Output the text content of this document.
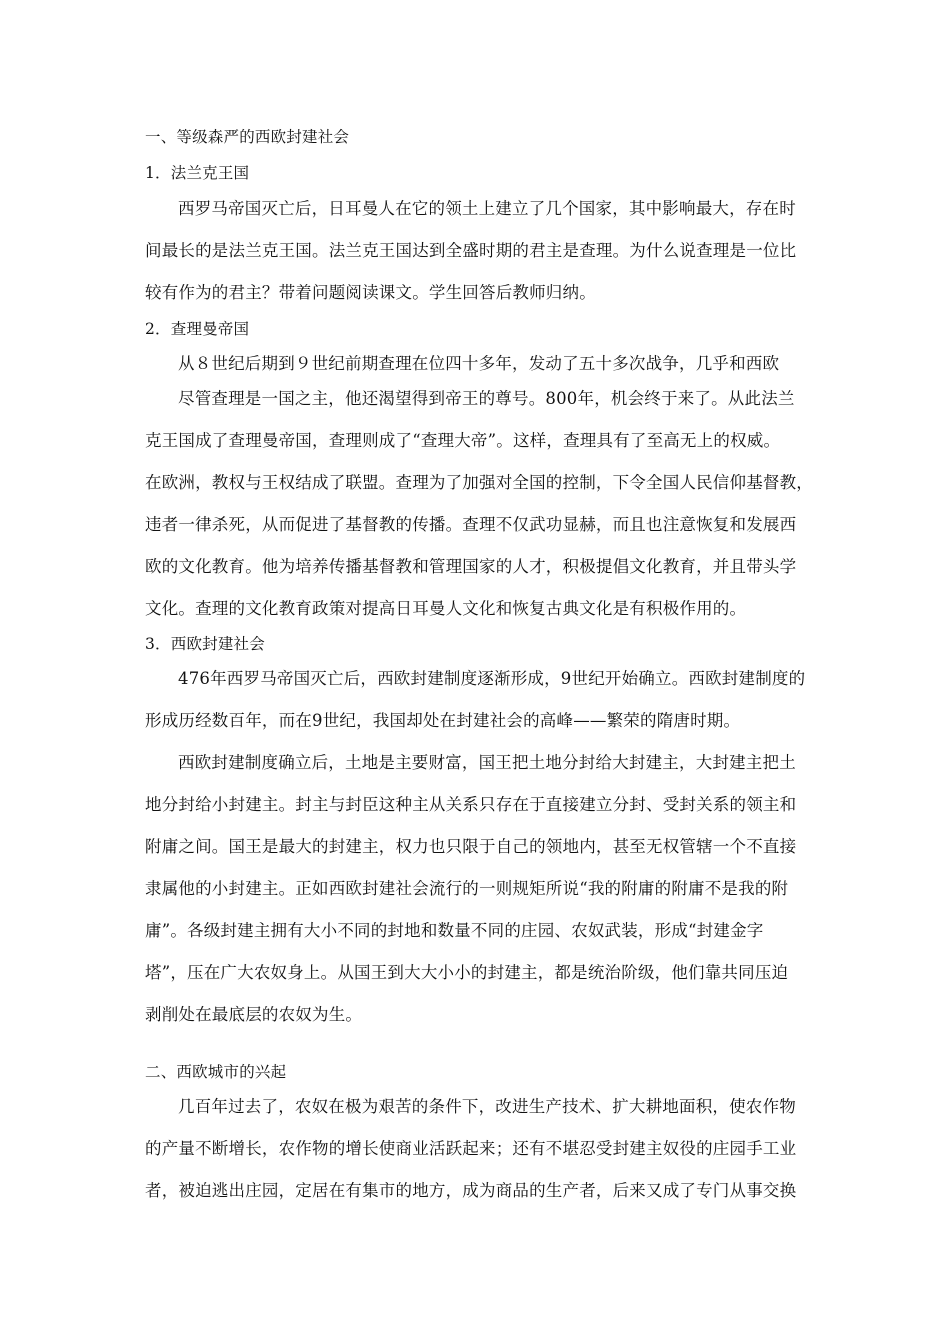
一、等级森严的西欧封建社会
1．法兰克王国
西罗马帝国灭亡后，日耳曼人在它的领土上建立了几个国家，其中影响最大，存在时
间最长的是法兰克王国。法兰克王国达到全盛时期的君主是查理。为什么说查理是一位比
较有作为的君主？带着问题阅读课文。学生回答后教师归纳。
2．查理曼帝国
从８世纪后期到９世纪前期查理在位四十多年，发动了五十多次战争，几乎和西欧
尽管查理是一国之主，他还渴望得到帝王的尊号。800年，机会终于来了。从此法兰
克王国成了查理曼帝国，查理则成了“查理大帝”。这样，查理具有了至高无上的权威。
在欧洲，教权与王权结成了联盟。查理为了加强对全国的控制，下令全国人民信仰基督教，
违者一律杀死，从而促进了基督教的传播。查理不仅武功显赫，而且也注意恢复和发展西
欧的文化教育。他为培养传播基督教和管理国家的人才，积极提倡文化教育，并且带头学
文化。查理的文化教育政策对提高日耳曼人文化和恢复古典文化是有积极作用的。
3．西欧封建社会
476年西罗马帝国灭亡后，西欧封建制度逐渐形成，9世纪开始确立。西欧封建制度的
形成历经数百年，而在9世纪，我国却处在封建社会的高峰——繁荣的隋唐时期。
西欧封建制度确立后，土地是主要财富，国王把土地分封给大封建主，大封建主把土
地分封给小封建主。封主与封臣这种主从关系只存在于直接建立分封、受封关系的领主和
附庸之间。国王是最大的封建主，权力也只限于自己的领地内，甚至无权管辖一个不直接
隶属他的小封建主。正如西欧封建社会流行的一则规矩所说“我的附庸的附庸不是我的附
庸”。各级封建主拥有大小不同的封地和数量不同的庄园、农奴武装，形成“封建金字
塔”，压在广大农奴身上。从国王到大大小小的封建主，都是统治阶级，他们靠共同压迫
剥削处在最底层的农奴为生。
二、西欧城市的兴起
几百年过去了，农奴在极为艰苦的条件下，改进生产技术、扩大耕地面积，使农作物
的产量不断增长，农作物的增长使商业活跃起来；还有不堪忍受封建主奴役的庄园手工业
者，被迫逃出庄园，定居在有集市的地方，成为商品的生产者，后来又成了专门从事交换
